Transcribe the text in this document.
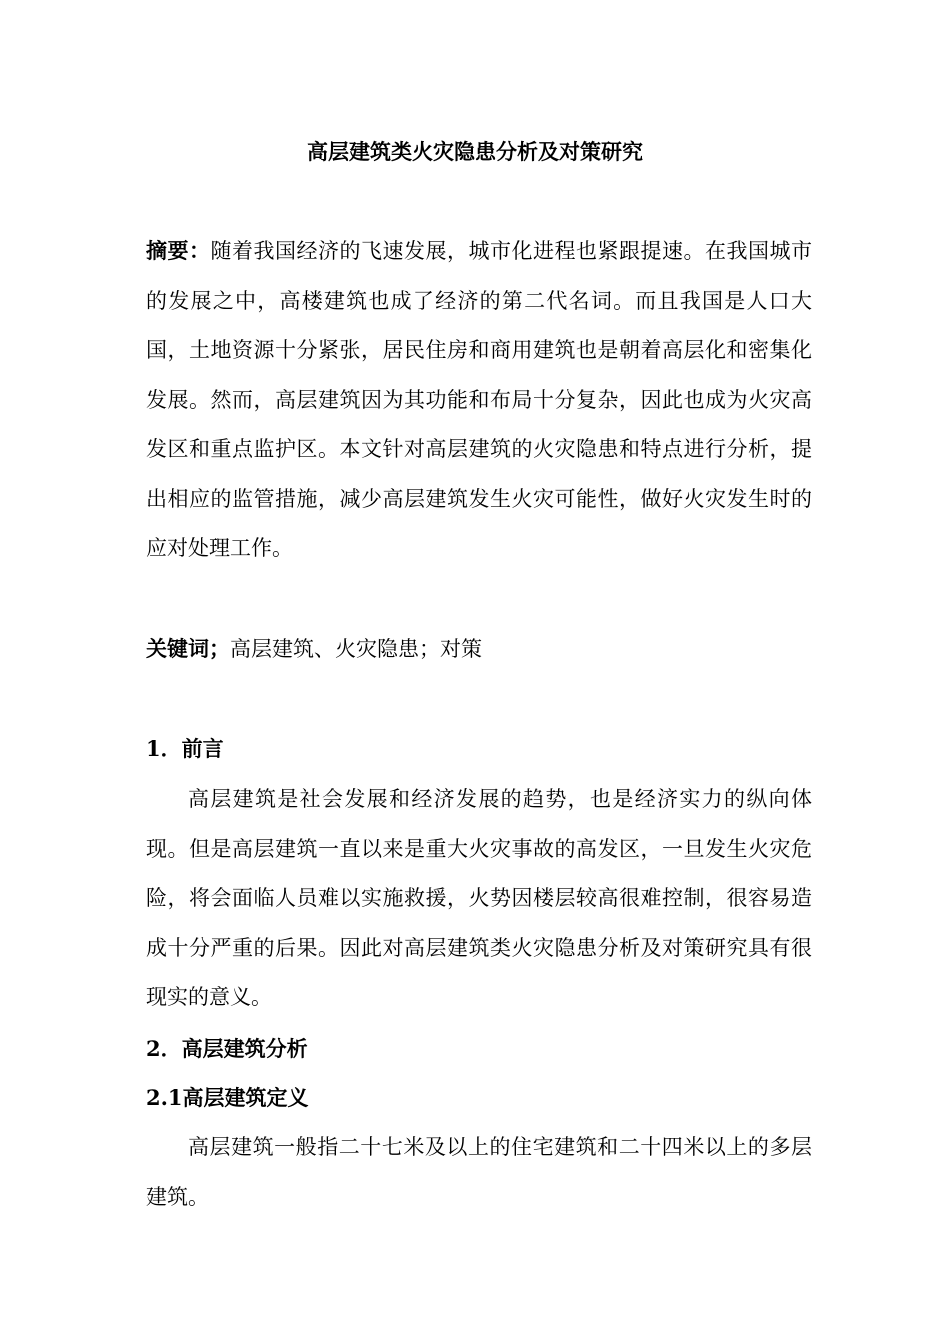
高层建筑类火灾隐患分析及对策研究

摘要：随着我国经济的飞速发展，城市化进程也紧跟提速。在我国城市的发展之中，高楼建筑也成了经济的第二代名词。而且我国是人口大国，土地资源十分紧张，居民住房和商用建筑也是朝着高层化和密集化发展。然而，高层建筑因为其功能和布局十分复杂，因此也成为火灾高发区和重点监护区。本文针对高层建筑的火灾隐患和特点进行分析，提出相应的监管措施，减少高层建筑发生火灾可能性，做好火灾发生时的应对处理工作。

关键词；高层建筑、火灾隐患；对策

1．前言

高层建筑是社会发展和经济发展的趋势，也是经济实力的纵向体现。但是高层建筑一直以来是重大火灾事故的高发区，一旦发生火灾危险，将会面临人员难以实施救援，火势因楼层较高很难控制，很容易造成十分严重的后果。因此对高层建筑类火灾隐患分析及对策研究具有很现实的意义。

2．高层建筑分析
2.1高层建筑定义

高层建筑一般指二十七米及以上的住宅建筑和二十四米以上的多层建筑。
